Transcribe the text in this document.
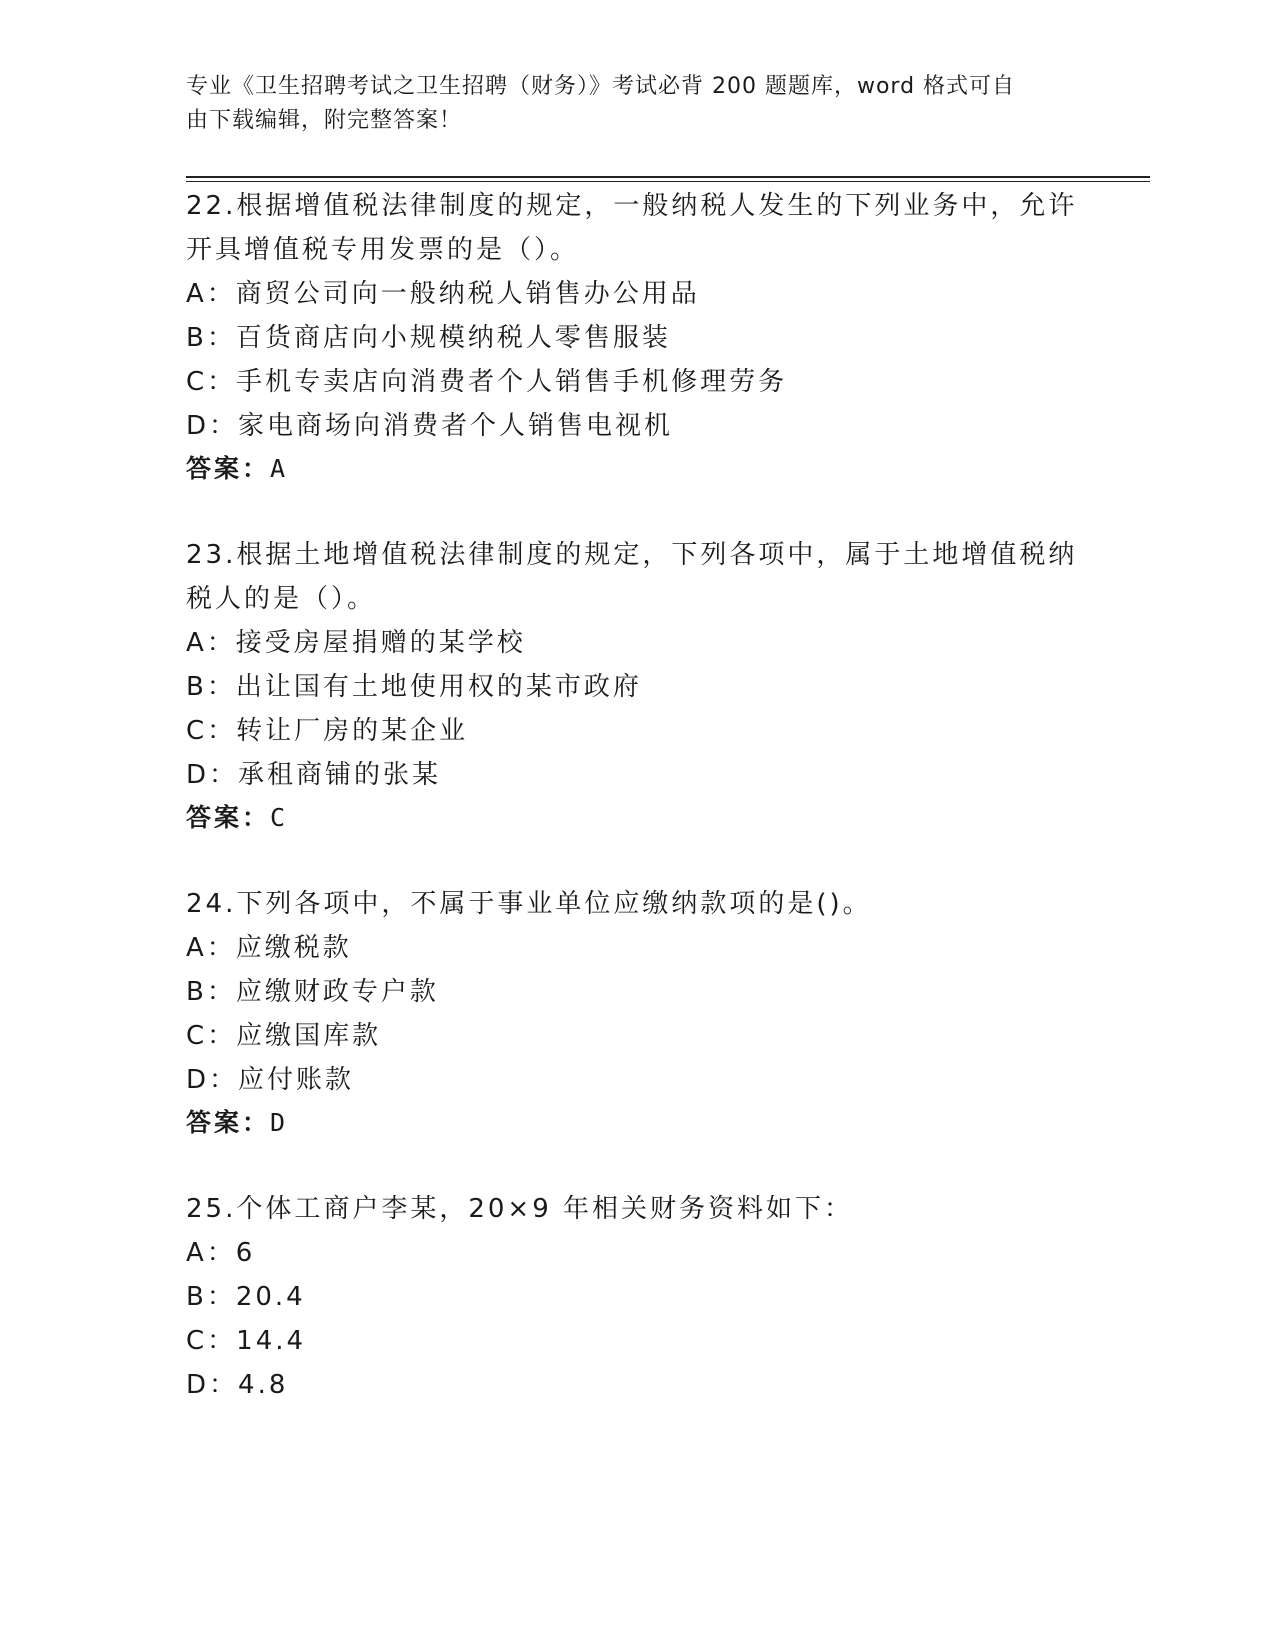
专业《卫生招聘考试之卫生招聘（财务）》考试必背 200 题题库，word 格式可自
由下载编辑，附完整答案！
22.根据增值税法律制度的规定，一般纳税人发生的下列业务中，允许
开具增值税专用发票的是（）。
A：商贸公司向一般纳税人销售办公用品
B：百货商店向小规模纳税人零售服装
C：手机专卖店向消费者个人销售手机修理劳务
D：家电商场向消费者个人销售电视机
答案：A
23.根据土地增值税法律制度的规定，下列各项中，属于土地增值税纳
税人的是（）。
A：接受房屋捐赠的某学校
B：出让国有土地使用权的某市政府
C：转让厂房的某企业
D：承租商铺的张某
答案：C
24.下列各项中，不属于事业单位应缴纳款项的是()。
A：应缴税款
B：应缴财政专户款
C：应缴国库款
D：应付账款
答案：D
25.个体工商户李某，20×9 年相关财务资料如下：
A：6
B：20.4
C：14.4
D：4.8
